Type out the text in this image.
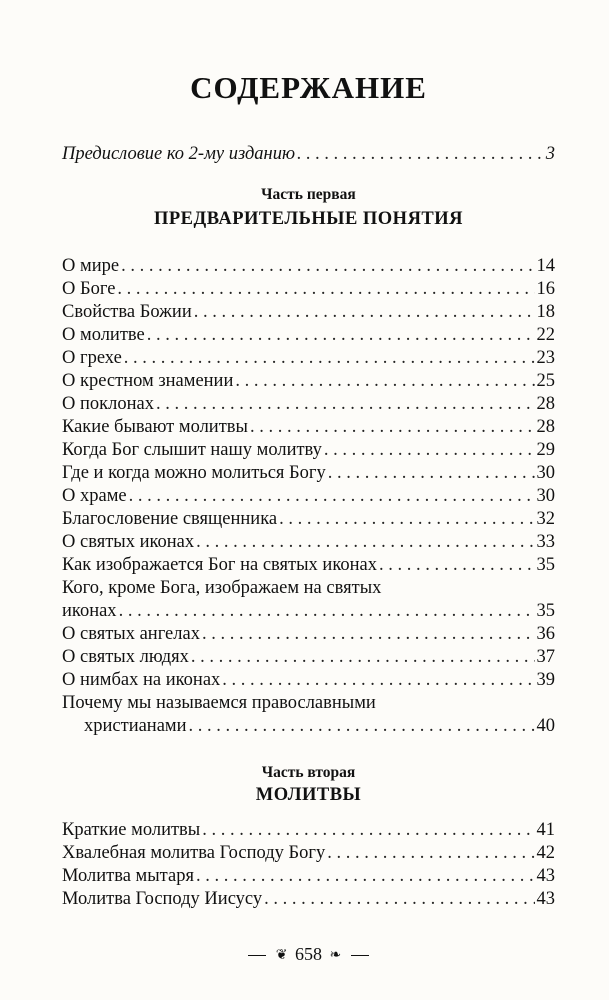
СОДЕРЖАНИЕ
Предисловие ко 2-му изданию . . .	3
Часть первая
ПРЕДВАРИТЕЛЬНЫЕ ПОНЯТИЯ
О мире . . .	14
О Боге . . .	16
Свойства Божии . . .	18
О молитве . . .	22
О грехе . . .	23
О крестном знамении . . .	25
О поклонах . . .	28
Какие бывают молитвы . . .	28
Когда Бог слышит нашу молитву . . .	29
Где и когда можно молиться Богу . . .	30
О храме . . .	30
Благословение священника . . .	32
О святых иконах . . .	33
Как изображается Бог на святых иконах . . .	35
Кого, кроме Бога, изображаем на святых
иконах . . .	35
О святых ангелах . . .	36
О святых людях . . .	37
О нимбах на иконах . . .	39
Почему мы называемся православными
христианами . . .	40
Часть вторая
МОЛИТВЫ
Краткие молитвы . . .	41
Хвалебная молитва Господу Богу . . .	42
Молитва мытаря . . .	43
Молитва Господу Иисусу . . .	43
❦ 658 ❧
